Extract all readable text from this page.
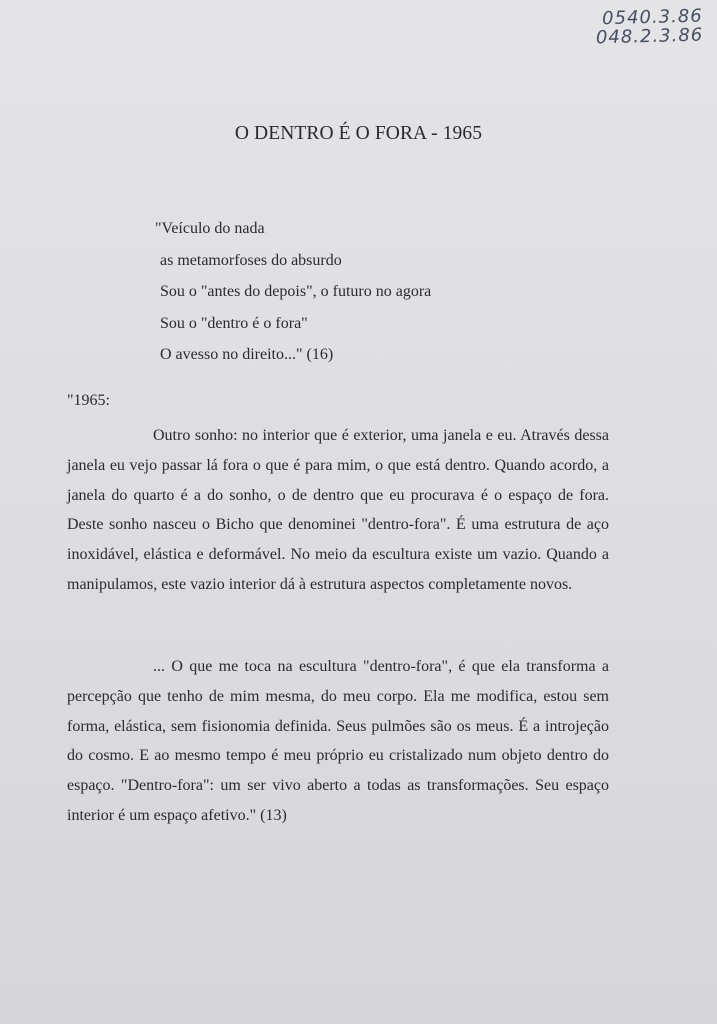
0540.3.86
048.2.3.86
O DENTRO É O FORA - 1965
"Veículo do nada
as metamorfoses do absurdo
Sou o "antes do depois", o futuro no agora
Sou o "dentro é o fora"
O avesso no direito..." (16)
"1965:

Outro sonho: no interior que é exterior, uma janela e eu. Através dessa janela eu vejo passar lá fora o que é para mim, o que está dentro. Quando acordo, a janela do quarto é a do sonho, o de dentro que eu procurava é o espaço de fora. Deste sonho nasceu o Bicho que denominei "dentro-fora". É uma estrutura de aço inoxidável, elástica e deformável. No meio da escultura existe um vazio. Quando a manipulamos, este vazio interior dá à estrutura aspectos completamente novos.

... O que me toca na escultura "dentro-fora", é que ela transforma a percepção que tenho de mim mesma, do meu corpo. Ela me modifica, estou sem forma, elástica, sem fisionomia definida. Seus pulmões são os meus. É a introjeção do cosmo. E ao mesmo tempo é meu próprio eu cristalizado num objeto dentro do espaço. "Dentro-fora": um ser vivo aberto a todas as transformações. Seu espaço interior é um espaço afetivo." (13)
